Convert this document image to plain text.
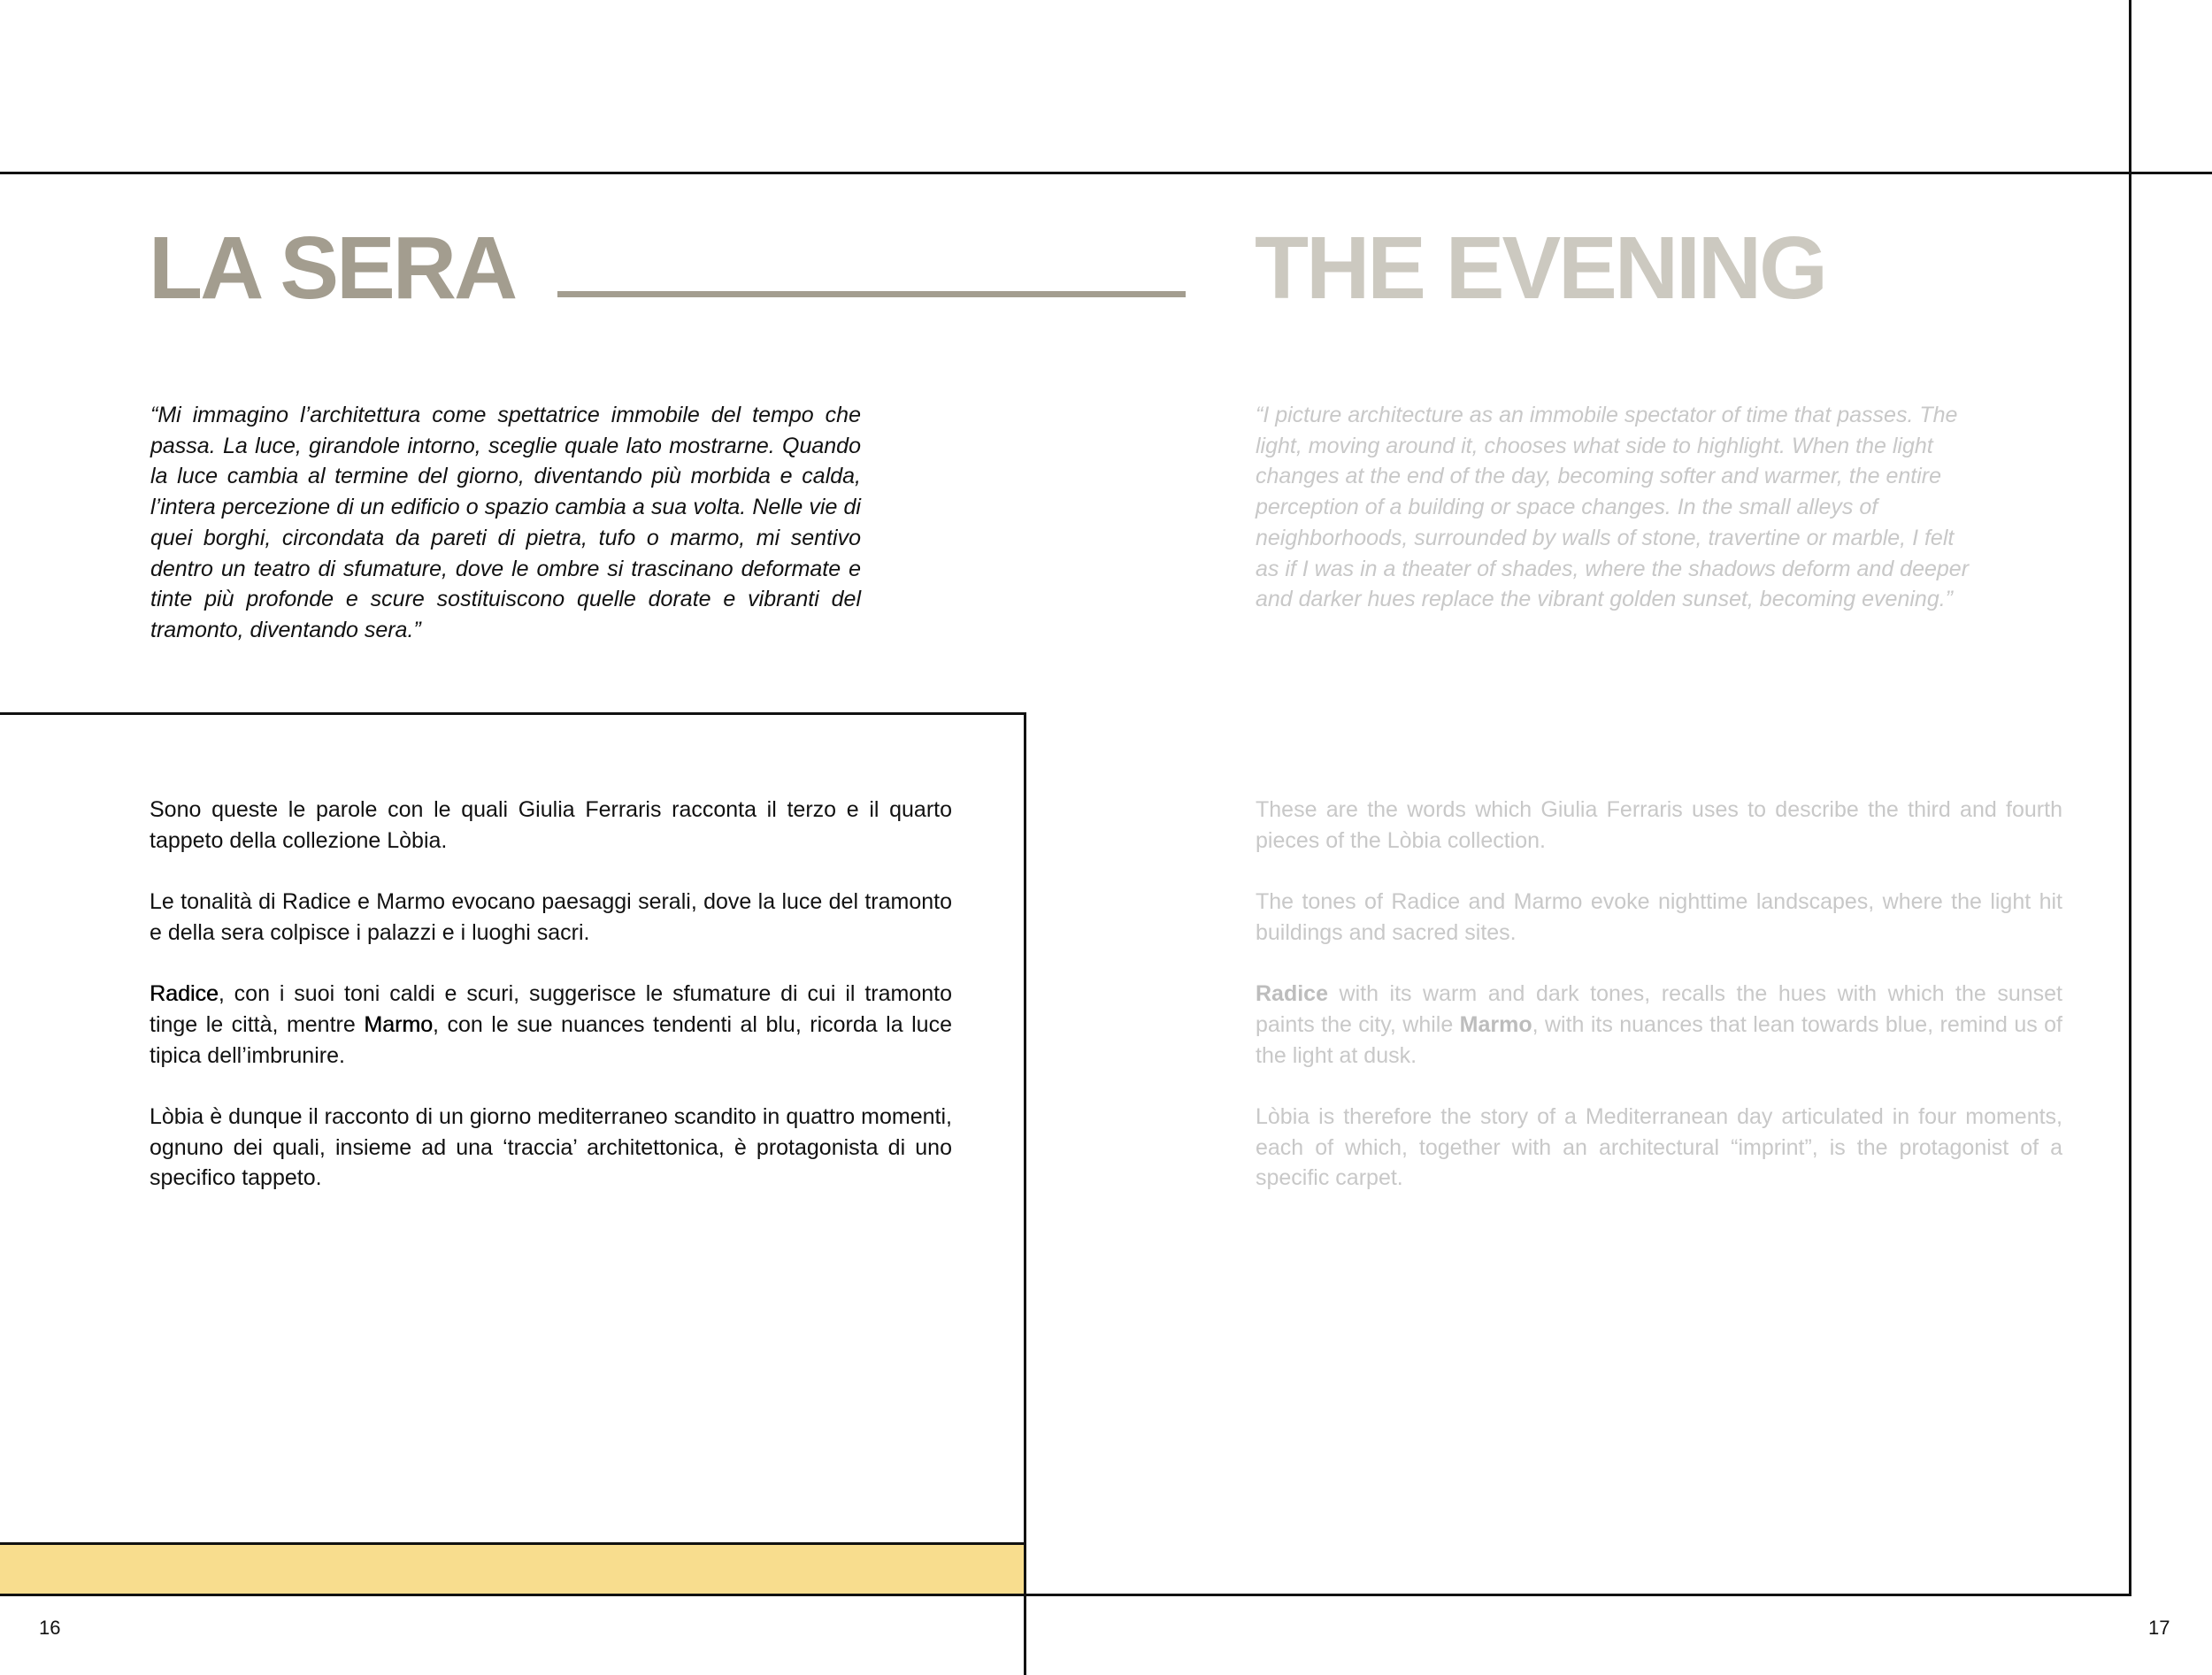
LA SERA	THE EVENING

“Mi immagino l’architettura come spettatrice immobile del tempo che passa. La luce, girandole intorno, sceglie quale lato mostrarne. Quando la luce cambia al termine del giorno, diventando più morbida e calda, l’intera percezione di un edificio o spazio cambia a sua volta. Nelle vie di quei borghi, circondata da pareti di pietra, tufo o marmo, mi sentivo dentro un teatro di sfumature, dove le ombre si trascinano deformate e tinte più profonde e scure sostituiscono quelle dorate e vibranti del tramonto, diventando sera.”

“I picture architecture as an immobile spectator of time that passes. The light, moving around it, chooses what side to highlight. When the light changes at the end of the day, becoming softer and warmer, the entire perception of a building or space changes. In the small alleys of neighborhoods, surrounded by walls of stone, travertine or marble, I felt as if I was in a theater of shades, where the shadows deform and deeper and darker hues replace the vibrant golden sunset, becoming evening.”

Sono queste le parole con le quali Giulia Ferraris racconta il terzo e il quarto tappeto della collezione Lòbia.

Le tonalità di Radice e Marmo evocano paesaggi serali, dove la luce del tramonto e della sera colpisce i palazzi e i luoghi sacri.

Radice, con i suoi toni caldi e scuri, suggerisce le sfumature di cui il tramonto tinge le città, mentre Marmo, con le sue nuances tendenti al blu, ricorda la luce tipica dell’imbrunire.

Lòbia è dunque il racconto di un giorno mediterraneo scandito in quattro momenti, ognuno dei quali, insieme ad una ‘traccia’ architettonica, è protagonista di uno specifico tappeto.

These are the words which Giulia Ferraris uses to describe the third and fourth pieces of the Lòbia collection.

The tones of Radice and Marmo evoke nighttime landscapes, where the light hit buildings and sacred sites.

Radice with its warm and dark tones, recalls the hues with which the sunset paints the city, while Marmo, with its nuances that lean towards blue, remind us of the light at dusk.

Lòbia is therefore the story of a Mediterranean day articulated in four moments, each of which, together with an architectural “imprint”, is the protagonist of a specific carpet.

16	17
